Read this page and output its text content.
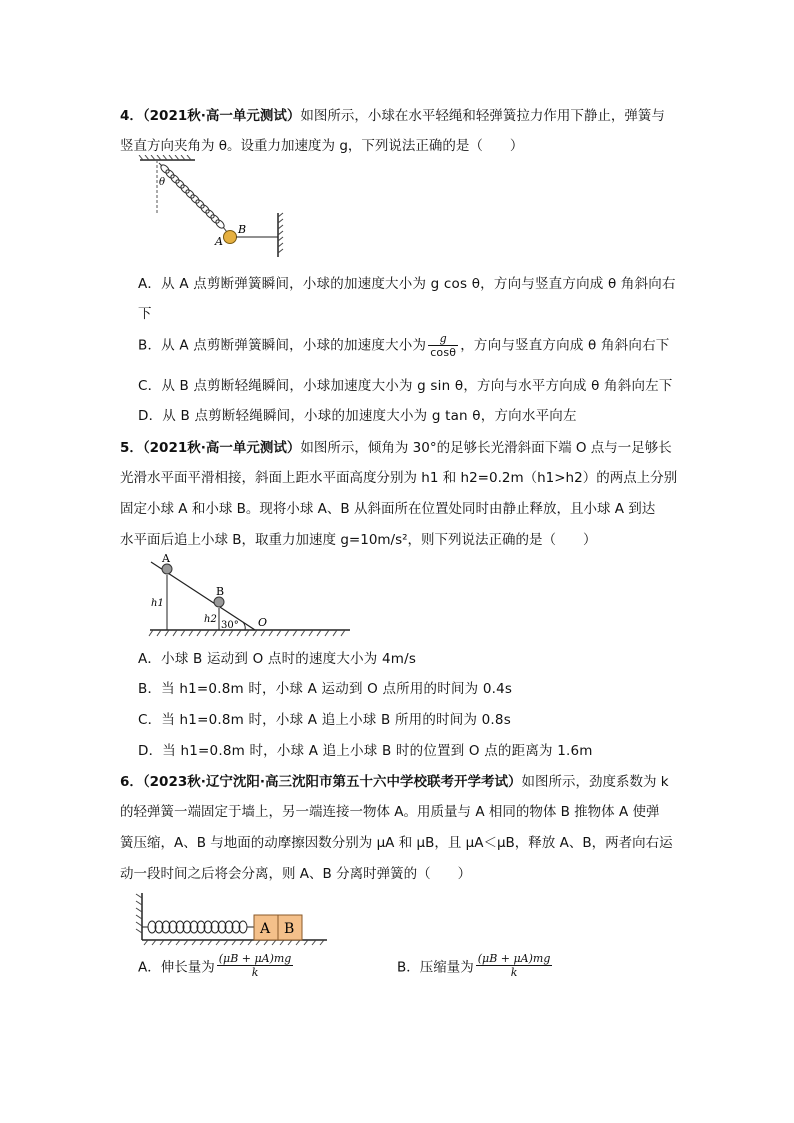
4．（2021秋·高一单元测试）如图所示，小球在水平轻绳和轻弹簧拉力作用下静止，弹簧与
竖直方向夹角为 θ。设重力加速度为 g，下列说法正确的是（　　）
θ
A
B
A．从 A 点剪断弹簧瞬间，小球的加速度大小为 g cos θ，方向与竖直方向成 θ 角斜向右
下
B．从 A 点剪断弹簧瞬间，小球的加速度大小为 $\frac{g}{\cos\theta}$ ，方向与竖直方向成 θ 角斜向右下
C．从 B 点剪断轻绳瞬间，小球加速度大小为 g sin θ，方向与水平方向成 θ 角斜向左下
D．从 B 点剪断轻绳瞬间，小球的加速度大小为 g tan θ，方向水平向左
5．（2021秋·高一单元测试）如图所示，倾角为 30°的足够长光滑斜面下端 O 点与一足够长
光滑水平面平滑相接，斜面上距水平面高度分别为 h1 和 h2=0.2m（h1>h2）的两点上分别
固定小球 A 和小球 B。现将小球 A、B 从斜面所在位置处同时由静止释放，且小球 A 到达
水平面后追上小球 B，取重力加速度 g=10m/s²，则下列说法正确的是（　　）
A
h1
B
h2
30° O
A．小球 B 运动到 O 点时的速度大小为 4m/s
B．当 h1=0.8m 时，小球 A 运动到 O 点所用的时间为 0.4s
C．当 h1=0.8m 时，小球 A 追上小球 B 所用的时间为 0.8s
D．当 h1=0.8m 时，小球 A 追上小球 B 时的位置到 O 点的距离为 1.6m
6．（2023秋·辽宁沈阳·高三沈阳市第五十六中学校联考开学考试）如图所示，劲度系数为 k
的轻弹簧一端固定于墙上，另一端连接一物体 A。用质量与 A 相同的物体 B 推物体 A 使弹
簧压缩，A、B 与地面的动摩擦因数分别为 μA 和 μB，且 μA＜μB，释放 A、B，两者向右运
动一段时间之后将会分离，则 A、B 分离时弹簧的（　　）
A B
A．伸长量为 $\frac{(\mu B + \mu A)mg}{k}$	B．压缩量为 $\frac{(\mu B + \mu A)mg}{k}$
